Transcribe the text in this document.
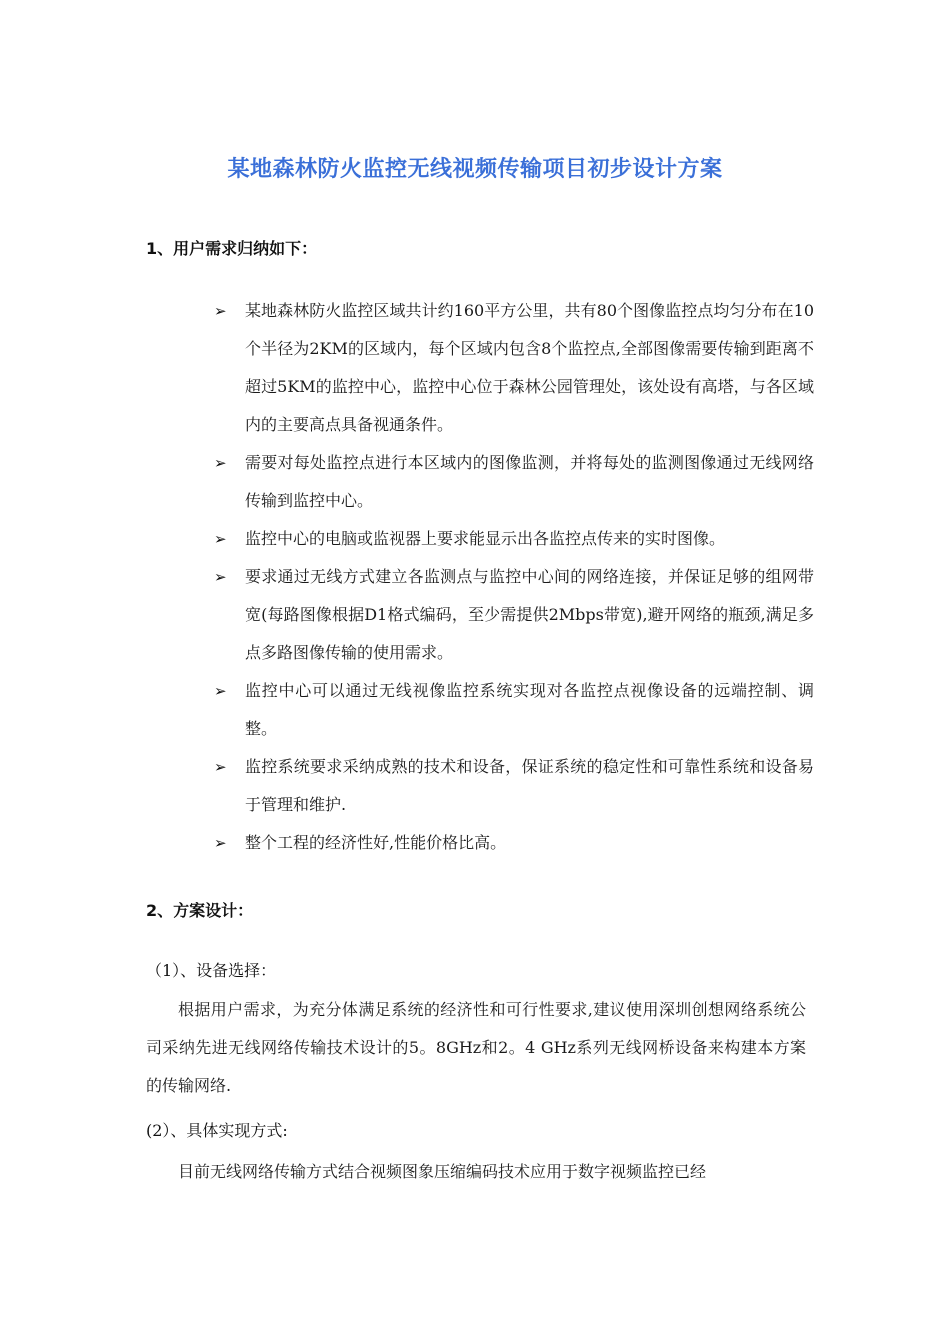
某地森林防火监控无线视频传输项目初步设计方案
1、用户需求归纳如下：
➢	某地森林防火监控区域共计约160平方公里，共有80个图像监控点均匀分布在10个半径为2KM的区域内，每个区域内包含8个监控点,全部图像需要传输到距离不超过5KM的监控中心，监控中心位于森林公园管理处，该处设有高塔，与各区域内的主要高点具备视通条件。
➢	需要对每处监控点进行本区域内的图像监测，并将每处的监测图像通过无线网络传输到监控中心。
➢	监控中心的电脑或监视器上要求能显示出各监控点传来的实时图像。
➢	要求通过无线方式建立各监测点与监控中心间的网络连接，并保证足够的组网带宽(每路图像根据D1格式编码，至少需提供2Mbps带宽),避开网络的瓶颈,满足多点多路图像传输的使用需求。
➢	监控中心可以通过无线视像监控系统实现对各监控点视像设备的远端控制、调整。
➢	监控系统要求采纳成熟的技术和设备，保证系统的稳定性和可靠性系统和设备易于管理和维护.
➢	整个工程的经济性好,性能价格比高。
2、方案设计：
（1）、设备选择：

根据用户需求，为充分体满足系统的经济性和可行性要求,建议使用深圳创想网络系统公司采纳先进无线网络传输技术设计的5。8GHz和2。4 GHz系列无线网桥设备来构建本方案的传输网络.

(2）、具体实现方式:

目前无线网络传输方式结合视频图象压缩编码技术应用于数字视频监控已经
